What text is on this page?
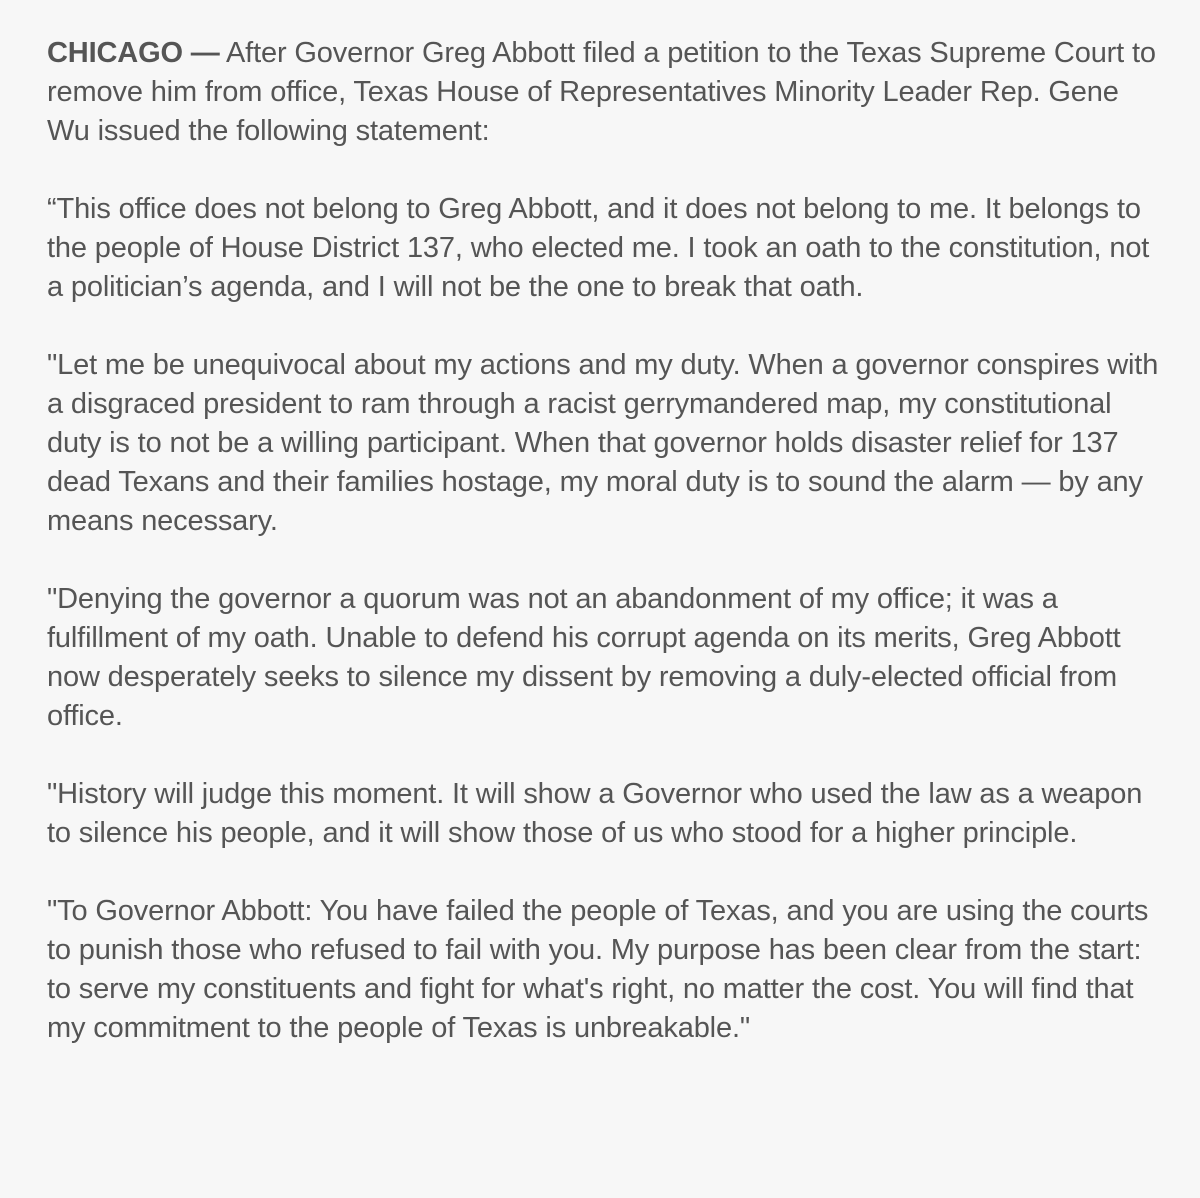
CHICAGO — After Governor Greg Abbott filed a petition to the Texas Supreme Court to remove him from office, Texas House of Representatives Minority Leader Rep. Gene Wu issued the following statement:

“This office does not belong to Greg Abbott, and it does not belong to me. It belongs to the people of House District 137, who elected me. I took an oath to the constitution, not a politician’s agenda, and I will not be the one to break that oath.

"Let me be unequivocal about my actions and my duty. When a governor conspires with a disgraced president to ram through a racist gerrymandered map, my constitutional duty is to not be a willing participant. When that governor holds disaster relief for 137 dead Texans and their families hostage, my moral duty is to sound the alarm — by any means necessary.

"Denying the governor a quorum was not an abandonment of my office; it was a fulfillment of my oath. Unable to defend his corrupt agenda on its merits, Greg Abbott now desperately seeks to silence my dissent by removing a duly-elected official from office.

"History will judge this moment. It will show a Governor who used the law as a weapon to silence his people, and it will show those of us who stood for a higher principle.

"To Governor Abbott: You have failed the people of Texas, and you are using the courts to punish those who refused to fail with you. My purpose has been clear from the start: to serve my constituents and fight for what's right, no matter the cost. You will find that my commitment to the people of Texas is unbreakable."
